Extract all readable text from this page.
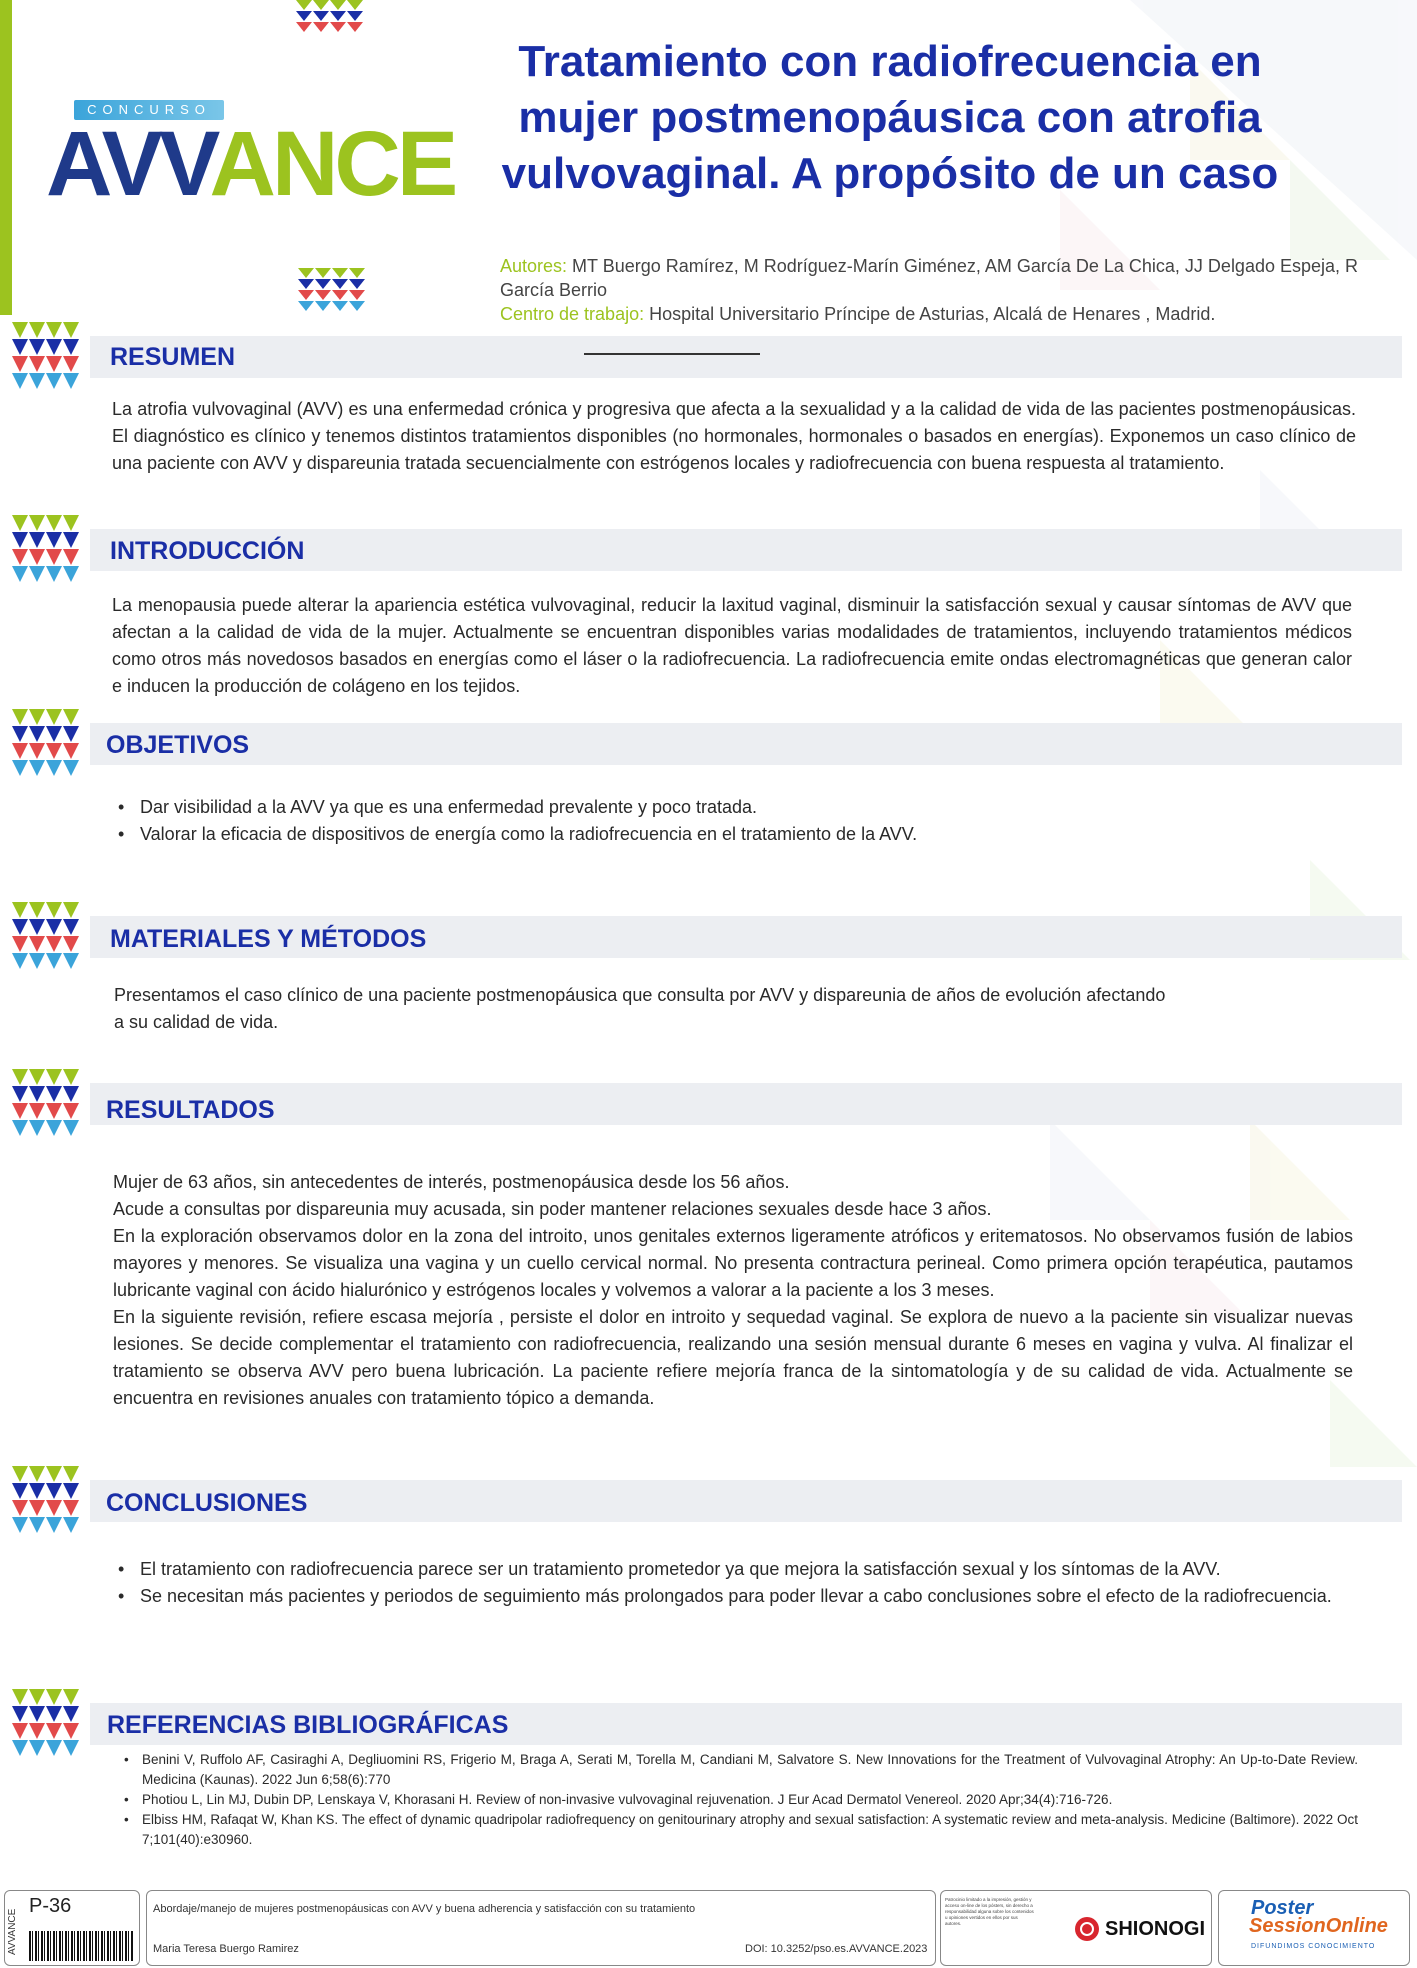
CONCURSO
AVVANCE
Tratamiento con radiofrecuencia en mujer postmenopáusica con atrofia vulvovaginal. A propósito de un caso
Autores: MT Buergo Ramírez, M Rodríguez-Marín Giménez, AM García De La Chica, JJ Delgado Espeja, R García Berrio
Centro de trabajo: Hospital Universitario Príncipe de Asturias, Alcalá de Henares , Madrid.
RESUMEN
La atrofia vulvovaginal (AVV) es una enfermedad crónica y progresiva que afecta a la sexualidad y a la calidad de vida de las pacientes postmenopáusicas. El diagnóstico es clínico y tenemos distintos tratamientos disponibles (no hormonales, hormonales o basados en energías). Exponemos un caso clínico de una paciente con AVV y dispareunia tratada secuencialmente con estrógenos locales y radiofrecuencia con buena respuesta al tratamiento.
INTRODUCCIÓN
La menopausia puede alterar la apariencia estética vulvovaginal, reducir la laxitud vaginal, disminuir la satisfacción sexual y causar síntomas de AVV que afectan a la calidad de vida de la mujer. Actualmente se encuentran disponibles varias modalidades de tratamientos, incluyendo tratamientos médicos como otros más novedosos basados en energías como el láser o la radiofrecuencia. La radiofrecuencia emite ondas electromagnéticas que generan calor e inducen la producción de colágeno en los tejidos.
OBJETIVOS
• Dar visibilidad a la AVV ya que es una enfermedad prevalente y poco tratada.
• Valorar la eficacia de dispositivos de energía como la radiofrecuencia en el tratamiento de la AVV.
MATERIALES Y MÉTODOS
Presentamos el caso clínico de una paciente postmenopáusica que consulta por AVV y dispareunia de años de evolución afectando
a su calidad de vida.
RESULTADOS
Mujer de 63 años, sin antecedentes de interés, postmenopáusica desde los 56 años.
Acude a consultas por dispareunia muy acusada, sin poder mantener relaciones sexuales desde hace 3 años.
En la exploración observamos dolor en la zona del introito, unos genitales externos ligeramente atróficos y eritematosos. No observamos fusión de labios mayores y menores. Se visualiza una vagina y un cuello cervical normal. No presenta contractura perineal. Como primera opción terapéutica, pautamos lubricante vaginal con ácido hialurónico y estrógenos locales y volvemos a valorar a la paciente a los 3 meses.
En la siguiente revisión, refiere escasa mejoría , persiste el dolor en introito y sequedad vaginal. Se explora de nuevo a la paciente sin visualizar nuevas lesiones. Se decide complementar el tratamiento con radiofrecuencia, realizando una sesión mensual durante 6 meses en vagina y vulva. Al finalizar el tratamiento se observa AVV pero buena lubricación. La paciente refiere mejoría franca de la sintomatología y de su calidad de vida. Actualmente se encuentra en revisiones anuales con tratamiento tópico a demanda.
CONCLUSIONES
• El tratamiento con radiofrecuencia parece ser un tratamiento prometedor ya que mejora la satisfacción sexual y los síntomas de la AVV.
• Se necesitan más pacientes y periodos de seguimiento más prolongados para poder llevar a cabo conclusiones sobre el efecto de la radiofrecuencia.
REFERENCIAS BIBLIOGRÁFICAS
• Benini V, Ruffolo AF, Casiraghi A, Degliuomini RS, Frigerio M, Braga A, Serati M, Torella M, Candiani M, Salvatore S. New Innovations for the Treatment of Vulvovaginal Atrophy: An Up-to-Date Review. Medicina (Kaunas). 2022 Jun 6;58(6):770
• Photiou L, Lin MJ, Dubin DP, Lenskaya V, Khorasani H. Review of non-invasive vulvovaginal rejuvenation. J Eur Acad Dermatol Venereol. 2020 Apr;34(4):716-726.
• Elbiss HM, Rafaqat W, Khan KS. The effect of dynamic quadripolar radiofrequency on genitourinary atrophy and sexual satisfaction: A systematic review and meta-analysis. Medicine (Baltimore). 2022 Oct 7;101(40):e30960.
AVVANCE
P-36	Abordaje/manejo de mujeres postmenopáusicas con AVV y buena adherencia y satisfacción con su tratamiento
Maria Teresa Buergo Ramirez	DOI: 10.3252/pso.es.AVVANCE.2023
Patrocinio limitado a la impresión, gestión y acceso on-line de los pósters, sin derecho a responsabilidad alguna sobre los contenidos u opiniones vertidos en ellos por sus autores.	SHIONOGI
Poster
SessionOnline
DIFUNDIMOS CONOCIMIENTO
